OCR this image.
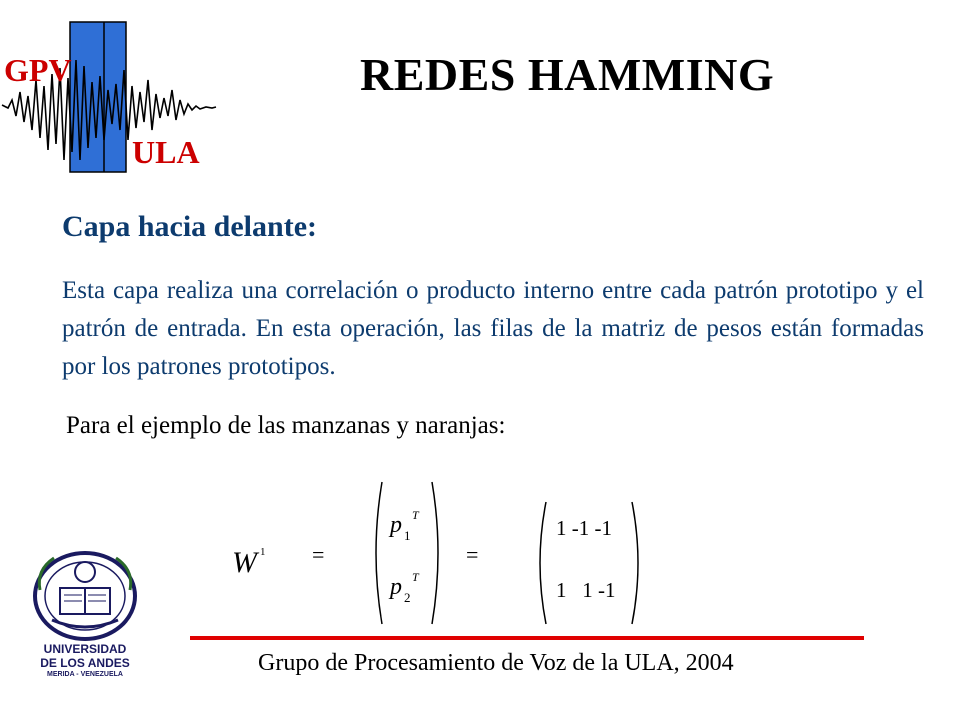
GPV
ULA
REDES HAMMING
Capa hacia delante:
Esta capa realiza una correlación o producto interno entre cada patrón prototipo y el patrón de entrada. En esta operación, las filas de la matriz de pesos están formadas por los patrones prototipos.
Para el ejemplo de las manzanas y naranjas:
W 1 =
p 1
T
p 2
T
=
1 -1 -1
1   1 -1
UNIVERSIDAD
DE LOS ANDES
MERIDA - VENEZUELA	Grupo de Procesamiento de Voz de la ULA, 2004
